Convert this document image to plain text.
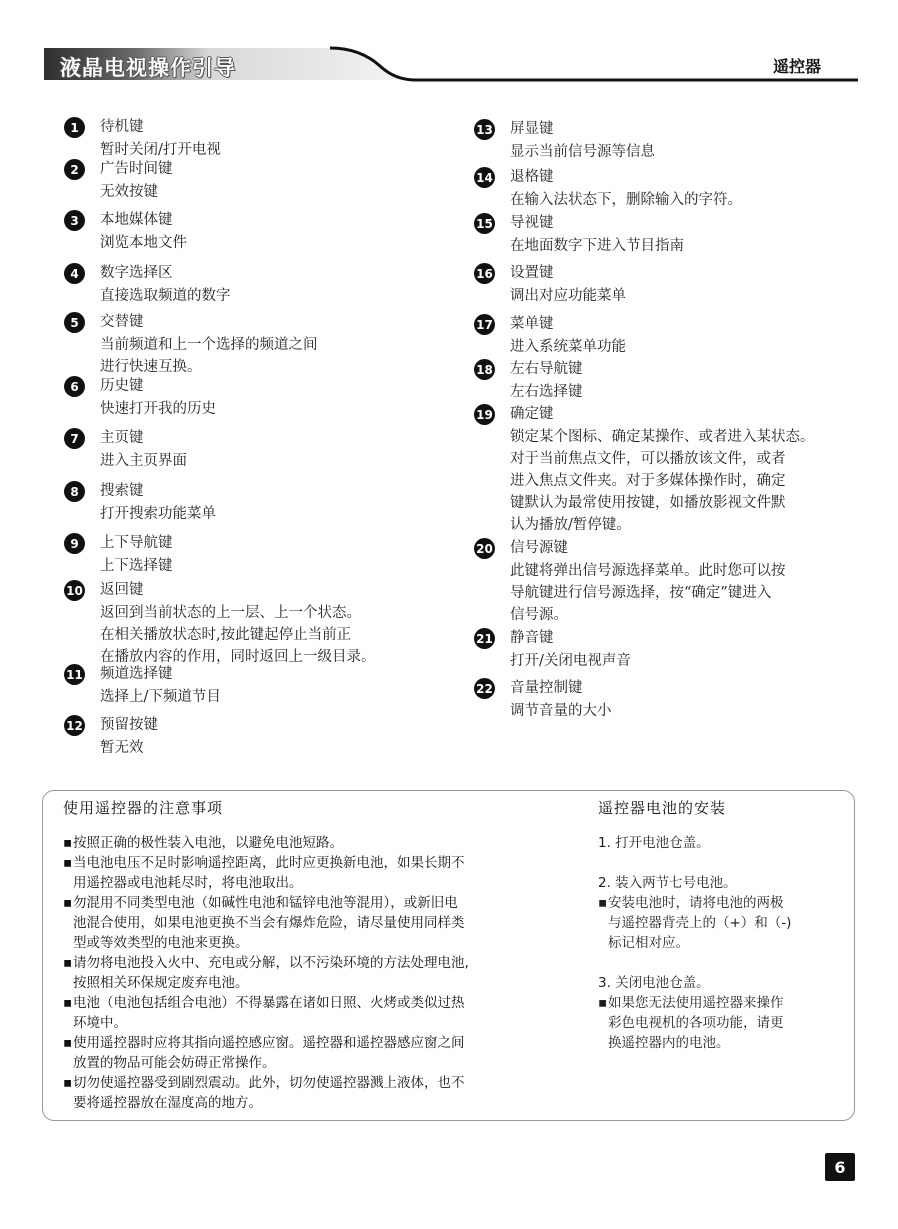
液晶电视操作引导	遥控器
1	待机键
暂时关闭/打开电视
2	广告时间键
无效按键
3	本地媒体键
浏览本地文件
4	数字选择区
直接选取频道的数字
5	交替键
当前频道和上一个选择的频道之间
进行快速互换。
6	历史键
快速打开我的历史
7	主页键
进入主页界面
8	搜索键
打开搜索功能菜单
9	上下导航键
上下选择键
10 返回键
返回到当前状态的上一层、上一个状态。
在相关播放状态时,按此键起停止当前正
在播放内容的作用，同时返回上一级目录。
11 频道选择键
选择上/下频道节目
12 预留按键
暂无效
13 屏显键
显示当前信号源等信息
14 退格键
在输入法状态下，删除输入的字符。
15 导视键
在地面数字下进入节目指南
16 设置键
调出对应功能菜单
17 菜单键
进入系统菜单功能
18 左右导航键
左右选择键
19 确定键
锁定某个图标、确定某操作、或者进入某状态。
对于当前焦点文件，可以播放该文件，或者
进入焦点文件夹。对于多媒体操作时，确定
键默认为最常使用按键，如播放影视文件默
认为播放/暂停键。
20 信号源键
此键将弹出信号源选择菜单。此时您可以按
导航键进行信号源选择，按“确定”键进入
信号源。
21 静音键
打开/关闭电视声音
22 音量控制键
调节音量的大小
使用遥控器的注意事项
▪ 按照正确的极性装入电池，以避免电池短路。
▪ 当电池电压不足时影响遥控距离，此时应更换新电池，如果长期不
用遥控器或电池耗尽时，将电池取出。
▪ 勿混用不同类型电池（如碱性电池和锰锌电池等混用），或新旧电
池混合使用，如果电池更换不当会有爆炸危险，请尽量使用同样类
型或等效类型的电池来更换。
▪ 请勿将电池投入火中、充电或分解，以不污染环境的方法处理电池,
按照相关环保规定废弃电池。
▪ 电池（电池包括组合电池）不得暴露在诸如日照、火烤或类似过热
环境中。
▪ 使用遥控器时应将其指向遥控感应窗。遥控器和遥控器感应窗之间
放置的物品可能会妨碍正常操作。
▪ 切勿使遥控器受到剧烈震动。此外，切勿使遥控器溅上液体，也不
要将遥控器放在湿度高的地方。
遥控器电池的安装
1. 打开电池仓盖。
2. 装入两节七号电池。
▪ 安装电池时，请将电池的两极
与遥控器背壳上的（+）和（-)
标记相对应。
3. 关闭电池仓盖。
▪ 如果您无法使用遥控器来操作
彩色电视机的各项功能，请更
换遥控器内的电池。
6
